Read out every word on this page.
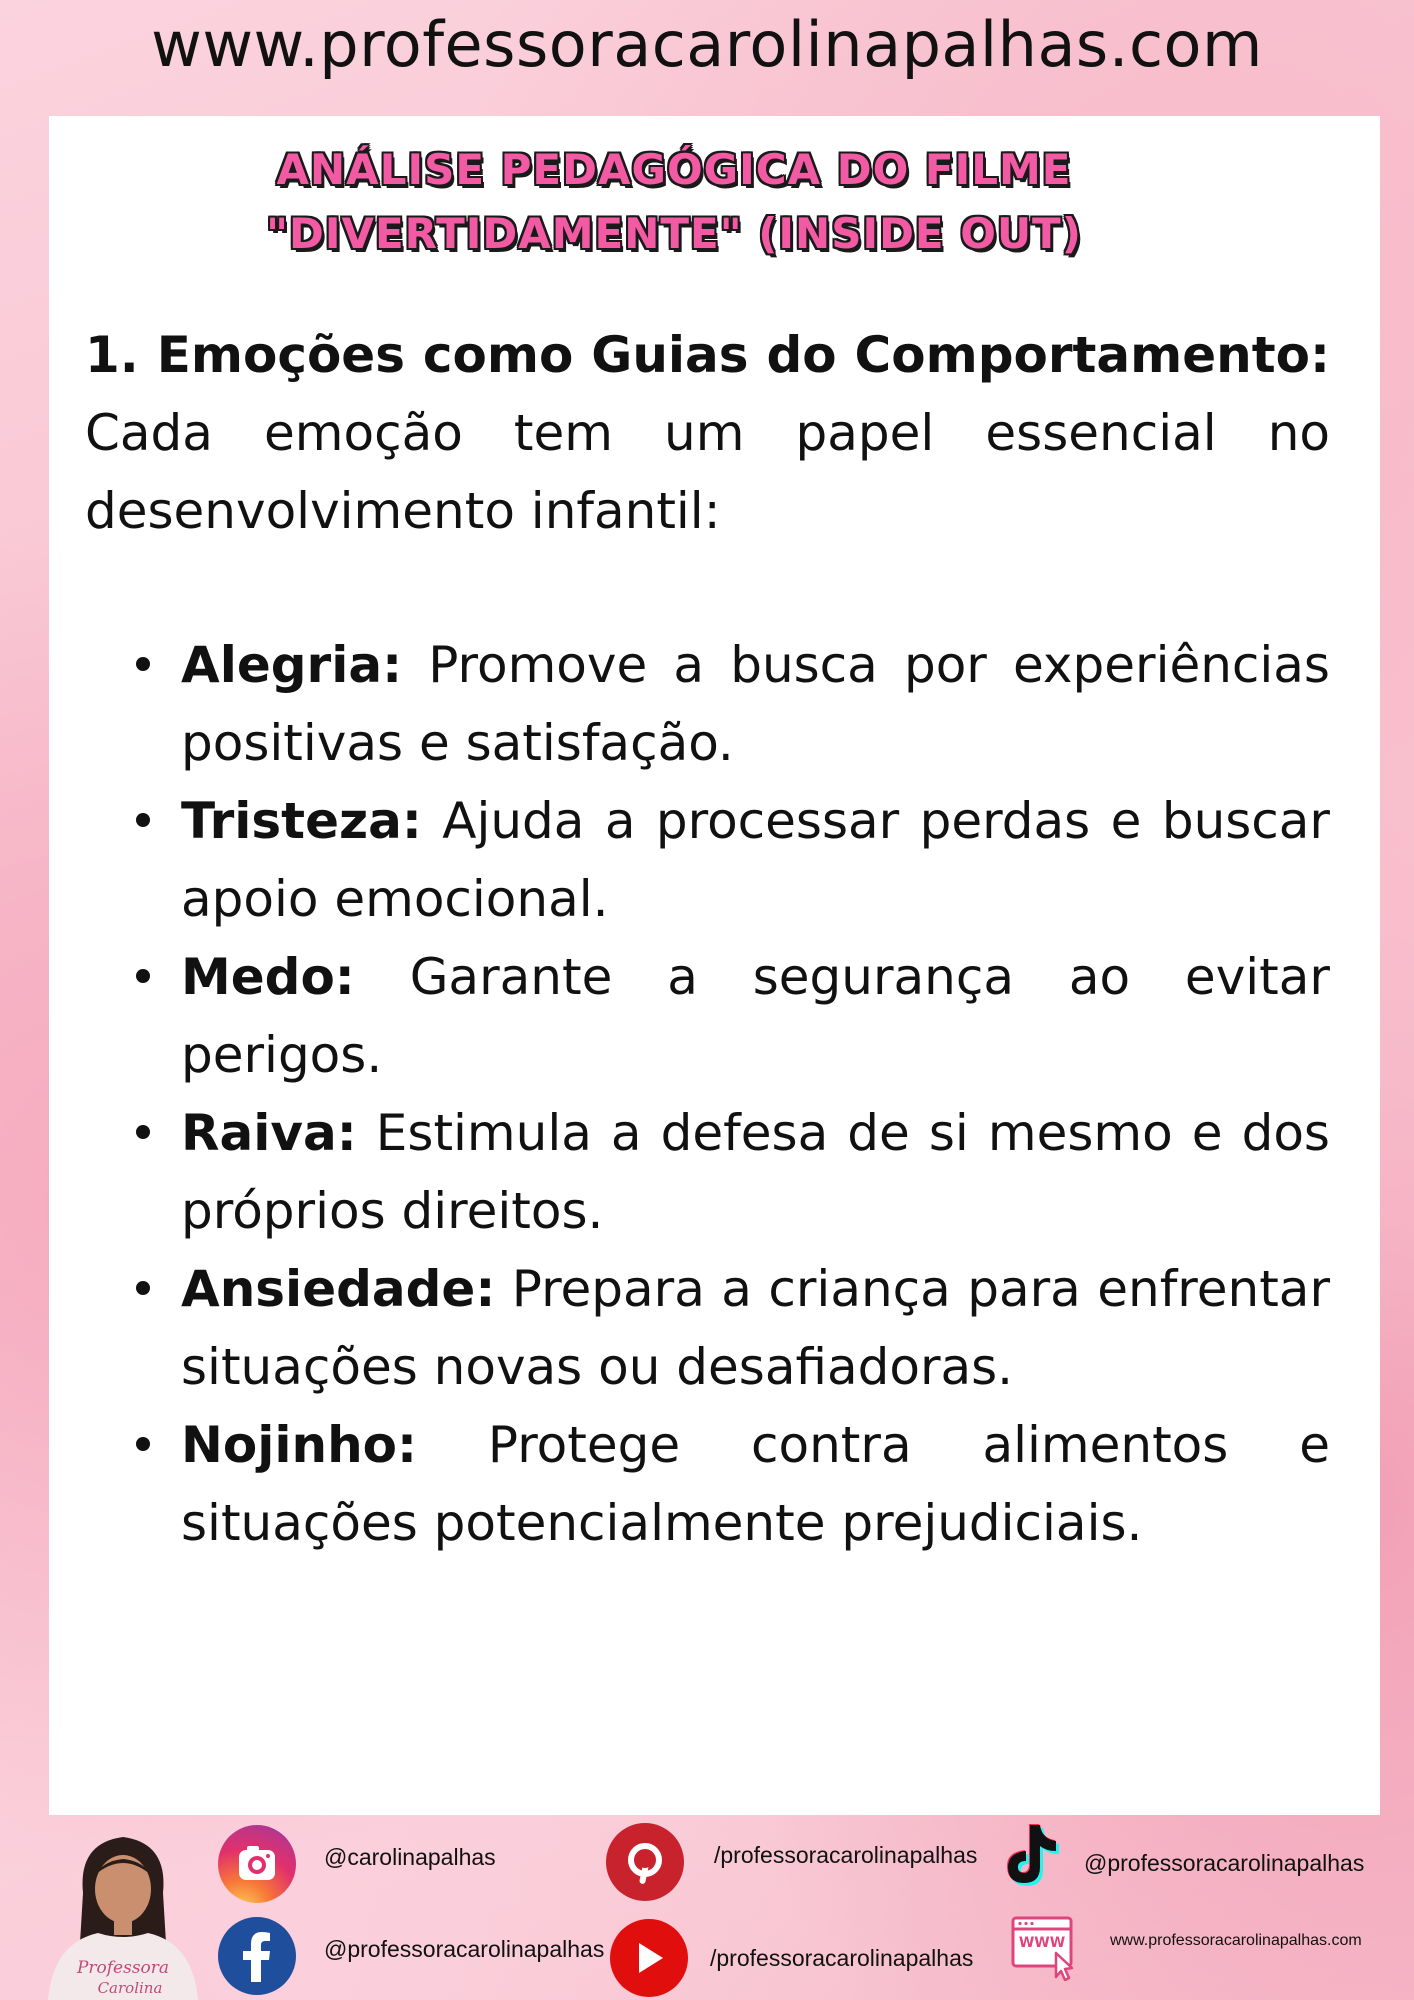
www.professoracarolinapalhas.com
ANÁLISE PEDAGÓGICA DO FILME
"DIVERTIDAMENTE" (INSIDE OUT)

1. Emoções como Guias do Comportamento: Cada emoção tem um papel essencial no desenvolvimento infantil:

Alegria: Promove a busca por experiências positivas e satisfação.
Tristeza: Ajuda a processar perdas e buscar apoio emocional.
Medo: Garante a segurança ao evitar perigos.
Raiva: Estimula a defesa de si mesmo e dos próprios direitos.
Ansiedade: Prepara a criança para enfrentar situações novas ou desafiadoras.
Nojinho: Protege contra alimentos e situações potencialmente prejudiciais.
Professora
Carolina
@carolinapalhas	/professoracarolinapalhas	@professoracarolinapalhas
@professoracarolinapalhas	/professoracarolinapalhas
WWW	www.professoracarolinapalhas.com
